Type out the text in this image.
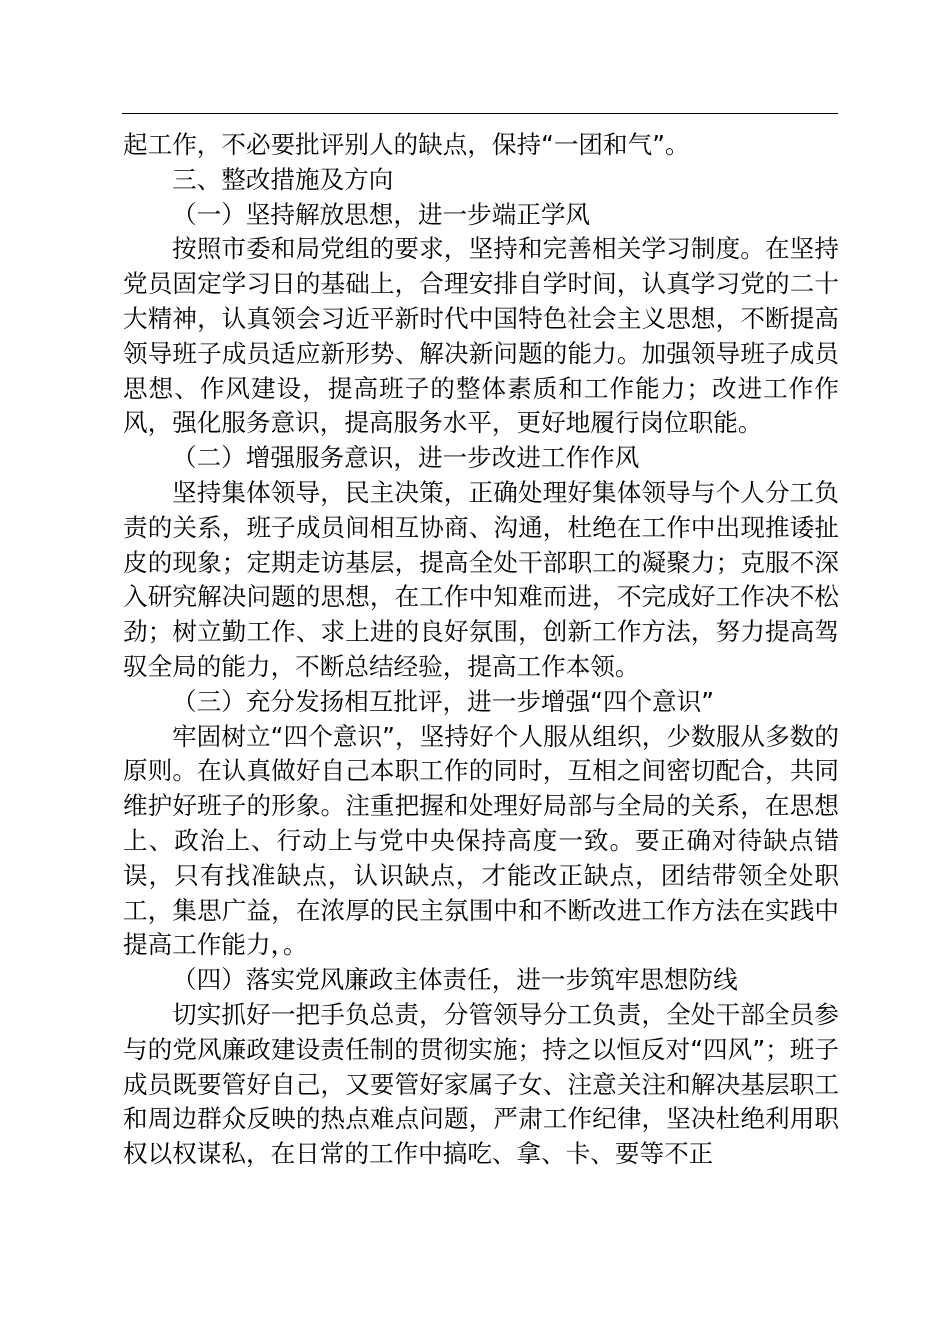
起工作，不必要批评别人的缺点，保持“一团和气”。

三、整改措施及方向

（一）坚持解放思想，进一步端正学风

按照市委和局党组的要求，坚持和完善相关学习制度。在坚持党员固定学习日的基础上，合理安排自学时间，认真学习党的二十大精神，认真领会习近平新时代中国特色社会主义思想，不断提高领导班子成员适应新形势、解决新问题的能力。加强领导班子成员思想、作风建设，提高班子的整体素质和工作能力；改进工作作风，强化服务意识，提高服务水平，更好地履行岗位职能。

（二）增强服务意识，进一步改进工作作风

坚持集体领导，民主决策，正确处理好集体领导与个人分工负责的关系，班子成员间相互协商、沟通，杜绝在工作中出现推诿扯皮的现象；定期走访基层，提高全处干部职工的凝聚力；克服不深入研究解决问题的思想，在工作中知难而进，不完成好工作决不松劲；树立勤工作、求上进的良好氛围，创新工作方法，努力提高驾驭全局的能力，不断总结经验，提高工作本领。

（三）充分发扬相互批评，进一步增强“四个意识”

牢固树立“四个意识”，坚持好个人服从组织，少数服从多数的原则。在认真做好自己本职工作的同时，互相之间密切配合，共同维护好班子的形象。注重把握和处理好局部与全局的关系，在思想上、政治上、行动上与党中央保持高度一致。要正确对待缺点错误，只有找准缺点，认识缺点，才能改正缺点，团结带领全处职工，集思广益，在浓厚的民主氛围中和不断改进工作方法在实践中提高工作能力，。

（四）落实党风廉政主体责任，进一步筑牢思想防线

切实抓好一把手负总责，分管领导分工负责，全处干部全员参与的党风廉政建设责任制的贯彻实施；持之以恒反对“四风”；班子成员既要管好自己，又要管好家属子女、注意关注和解决基层职工和周边群众反映的热点难点问题，严肃工作纪律，坚决杜绝利用职权以权谋私，在日常的工作中搞吃、拿、卡、要等不正
